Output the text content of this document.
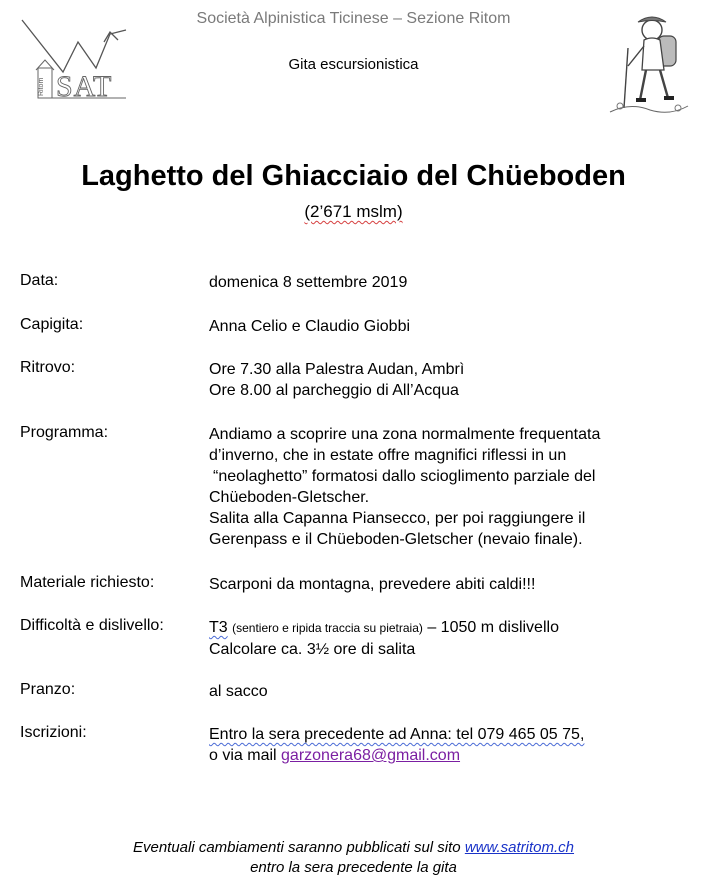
Ritom SAT
Società Alpinistica Ticinese – Sezione Ritom
Gita escursionistica
Laghetto del Ghiacciaio del Chüeboden
(2’671 mslm)
Data:	domenica 8 settembre 2019
Capigita:	Anna Celio e Claudio Giobbi
Ritrovo:	Ore 7.30 alla Palestra Audan, Ambrì
Ore 8.00 al parcheggio di All’Acqua
Programma:	Andiamo a scoprire una zona normalmente frequentata
d’inverno, che in estate offre magnifici riflessi in un
“neolaghetto” formatosi dallo scioglimento parziale del
Chüeboden-Gletscher.
Salita alla Capanna Piansecco, per poi raggiungere il
Gerenpass e il Chüeboden-Gletscher (nevaio finale).
Materiale richiesto:	Scarponi da montagna, prevedere abiti caldi!!!
Difficoltà e dislivello:	T3 (sentiero e ripida traccia su pietraia) – 1050 m dislivello
Calcolare ca. 3½ ore di salita
Pranzo:	al sacco
Iscrizioni:	Entro la sera precedente ad Anna: tel 079 465 05 75,
o via mail garzonera68@gmail.com
Eventuali cambiamenti saranno pubblicati sul sito www.satritom.ch
entro la sera precedente la gita
